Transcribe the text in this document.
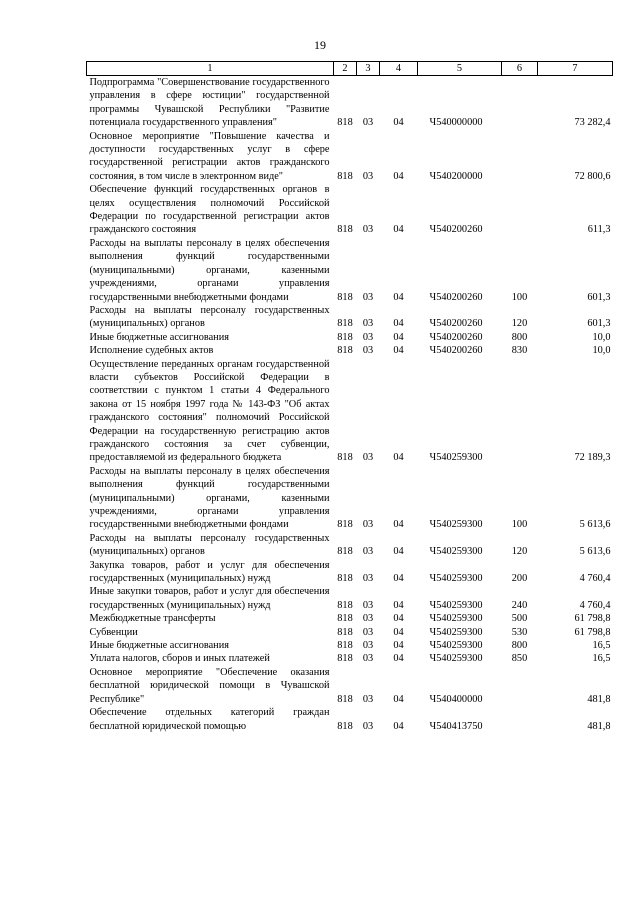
19
1	2	3	4	5	6	7

Подпрограмма "Совершенствование государственного управления в сфере юстиции" государственной программы Чувашской Республики "Развитие потенциала государственного управления"	818	03	04	Ч540000000		73 282,4

Основное мероприятие "Повышение качества и доступности государственных услуг в сфере государственной регистрации актов гражданского состояния, в том числе в электронном виде"	818	03	04	Ч540200000		72 800,6

Обеспечение функций государственных органов в целях осуществления полномочий Российской Федерации по государственной регистрации актов гражданского состояния	818	03	04	Ч540200260		611,3

Расходы на выплаты персоналу в целях обеспечения выполнения функций государственными (муниципальными) органами, казенными учреждениями, органами управления государственными внебюджетными фондами	818	03	04	Ч540200260	100	601,3

Расходы на выплаты персоналу государственных (муниципальных) органов	818	03	04	Ч540200260	120	601,3

Иные бюджетные ассигнования	818	03	04	Ч540200260	800	10,0

Исполнение судебных актов	818	03	04	Ч540200260	830	10,0

Осуществление переданных органам государственной власти субъектов Российской Федерации в соответствии с пунктом 1 статьи 4 Федерального закона от 15 ноября 1997 года № 143-ФЗ "Об актах гражданского состояния" полномочий Российской Федерации на государственную регистрацию актов гражданского состояния за счет субвенции, предоставляемой из федерального бюджета	818	03	04	Ч540259300		72 189,3

Расходы на выплаты персоналу в целях обеспечения выполнения функций государственными (муниципальными) органами, казенными учреждениями, органами управления государственными внебюджетными фондами	818	03	04	Ч540259300	100	5 613,6

Расходы на выплаты персоналу государственных (муниципальных) органов	818	03	04	Ч540259300	120	5 613,6

Закупка товаров, работ и услуг для обеспечения государственных (муниципальных) нужд	818	03	04	Ч540259300	200	4 760,4

Иные закупки товаров, работ и услуг для обеспечения государственных (муниципальных) нужд	818	03	04	Ч540259300	240	4 760,4

Межбюджетные трансферты	818	03	04	Ч540259300	500	61 798,8

Субвенции	818	03	04	Ч540259300	530	61 798,8

Иные бюджетные ассигнования	818	03	04	Ч540259300	800	16,5

Уплата налогов, сборов и иных платежей	818	03	04	Ч540259300	850	16,5

Основное мероприятие "Обеспечение оказания бесплатной юридической помощи в Чувашской Республике"	818	03	04	Ч540400000		481,8

Обеспечение отдельных категорий граждан бесплатной юридической помощью	818	03	04	Ч540413750		481,8
